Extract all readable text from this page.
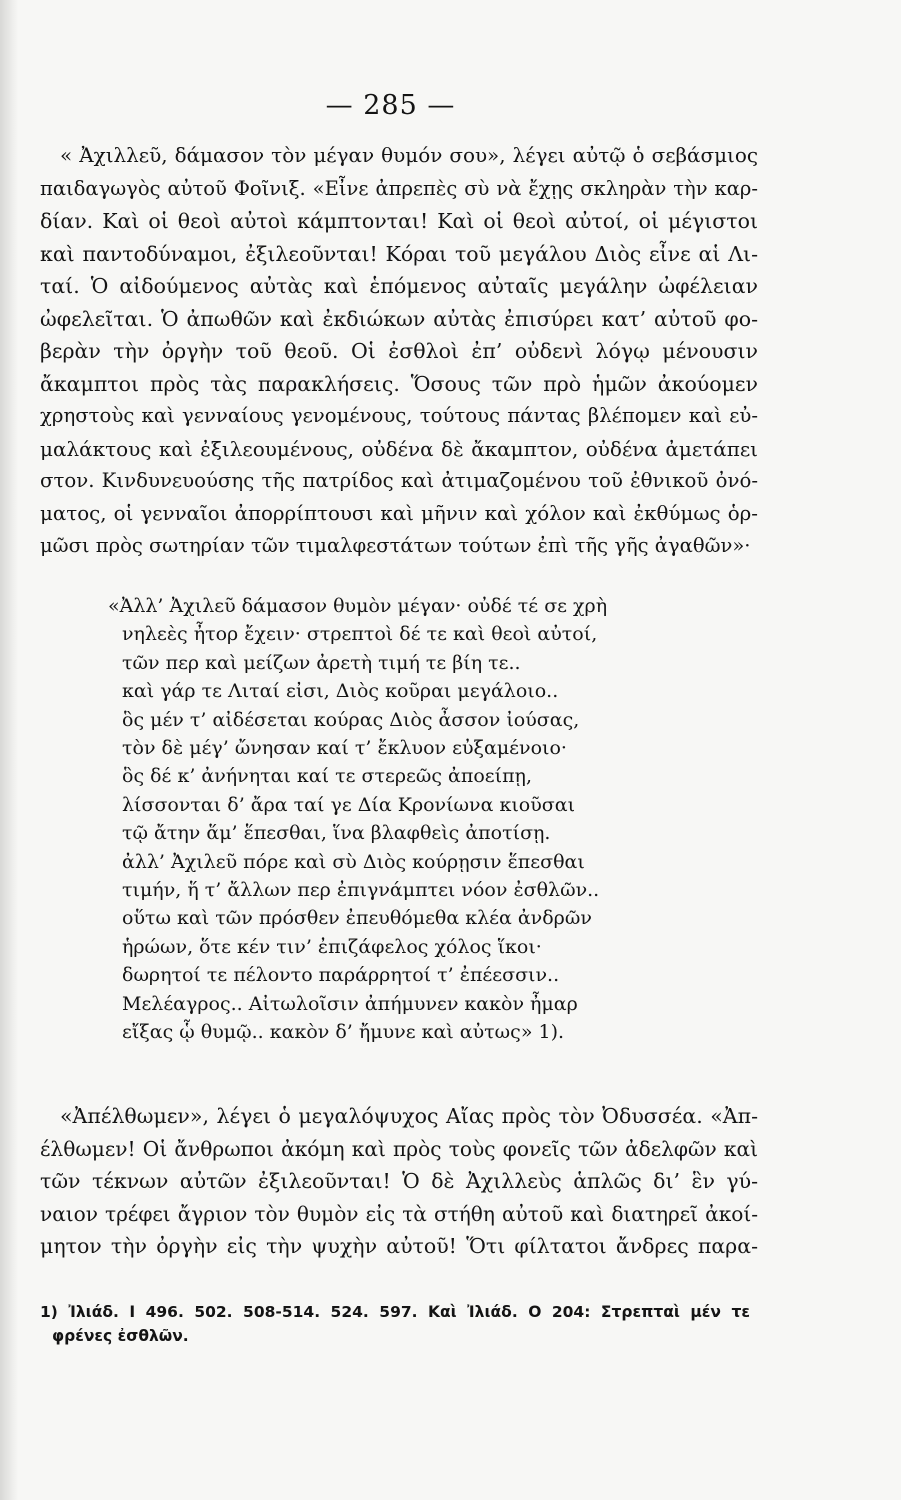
— 285 —
« Ἀχιλλεῦ, δάμασον τὸν μέγαν θυμόν σου», λέγει αὐτῷ ὁ σεβάσμιος
παιδαγωγὸς αὐτοῦ Φοῖνιξ. «Εἶνε ἀπρεπὲς σὺ νὰ ἔχῃς σκληρὰν τὴν καρ-
δίαν. Καὶ οἱ θεοὶ αὐτοὶ κάμπτονται! Καὶ οἱ θεοὶ αὐτοί, οἱ μέγιστοι
καὶ παντοδύναμοι, ἐξιλεοῦνται! Κόραι τοῦ μεγάλου Διὸς εἶνε αἱ Λι-
ταί. Ὁ αἰδούμενος αὐτὰς καὶ ἑπόμενος αὐταῖς μεγάλην ὠφέλειαν
ὠφελεῖται. Ὁ ἀπωθῶν καὶ ἐκδιώκων αὐτὰς ἐπισύρει κατ’ αὐτοῦ φο-
βερὰν τὴν ὀργὴν τοῦ θεοῦ. Οἱ ἐσθλοὶ ἐπ’ οὐδενὶ λόγῳ μένουσιν
ἄκαμπτοι πρὸς τὰς παρακλήσεις. Ὅσους τῶν πρὸ ἡμῶν ἀκούομεν
χρηστοὺς καὶ γενναίους γενομένους, τούτους πάντας βλέπομεν καὶ εὐ-
μαλάκτους καὶ ἐξιλεουμένους, οὐδένα δὲ ἄκαμπτον, οὐδένα ἀμετάπει
στον. Κινδυνευούσης τῆς πατρίδος καὶ ἀτιμαζομένου τοῦ ἐθνικοῦ ὀνό-
ματος, οἱ γενναῖοι ἀπορρίπτουσι καὶ μῆνιν καὶ χόλον καὶ ἐκθύμως ὁρ-
μῶσι πρὸς σωτηρίαν τῶν τιμαλφεστάτων τούτων ἐπὶ τῆς γῆς ἀγαθῶν»·
«Ἀλλ’ Ἀχιλεῦ δάμασον θυμὸν μέγαν· οὐδέ τέ σε χρὴ
νηλεὲς ἦτορ ἔχειν· στρεπτοὶ δέ τε καὶ θεοὶ αὐτοί,
τῶν περ καὶ μείζων ἀρετὴ τιμή τε βίη τε..
καὶ γάρ τε Λιταί εἰσι, Διὸς κοῦραι μεγάλοιο..
ὃς μέν τ’ αἰδέσεται κούρας Διὸς ἆσσον ἰούσας,
τὸν δὲ μέγ’ ὤνησαν καί τ’ ἔκλυον εὐξαμένοιο·
ὃς δέ κ’ ἀνήνηται καί τε στερεῶς ἀποείπῃ,
λίσσονται δ’ ἄρα ταί γε Δία Κρονίωνα κιοῦσαι
τῷ ἄτην ἅμ’ ἕπεσθαι, ἵνα βλαφθεὶς ἀποτίσῃ.
ἀλλ’ Ἀχιλεῦ πόρε καὶ σὺ Διὸς κούρῃσιν ἕπεσθαι
τιμήν, ἥ τ’ ἄλλων περ ἐπιγνάμπτει νόον ἐσθλῶν..
οὕτω καὶ τῶν πρόσθεν ἐπευθόμεθα κλέα ἀνδρῶν
ἡρώων, ὅτε κέν τιν’ ἐπιζάφελος χόλος ἵκοι·
δωρητοί τε πέλοντο παράρρητοί τ’ ἐπέεσσιν..
Μελέαγρος.. Αἰτωλοῖσιν ἀπήμυνεν κακὸν ἦμαρ
εἴξας ᾧ θυμῷ.. κακὸν δ’ ἤμυνε καὶ αὐτως» 1).
«Ἀπέλθωμεν», λέγει ὁ μεγαλόψυχος Αἴας πρὸς τὸν Ὀδυσσέα. «Ἀπ-
έλθωμεν! Οἱ ἄνθρωποι ἀκόμη καὶ πρὸς τοὺς φονεῖς τῶν ἀδελφῶν καὶ
τῶν τέκνων αὐτῶν ἐξιλεοῦνται! Ὁ δὲ Ἀχιλλεὺς ἁπλῶς δι’ ἓν γύ-
ναιον τρέφει ἄγριον τὸν θυμὸν εἰς τὰ στήθη αὐτοῦ καὶ διατηρεῖ ἀκοί-
μητον τὴν ὀργὴν εἰς τὴν ψυχὴν αὐτοῦ! Ὅτι φίλτατοι ἄνδρες παρα-
1) Ἰλιάδ. Ι 496. 502. 508-514. 524. 597. Καὶ Ἰλιάδ. Ο 204: Στρεπταὶ μέν τε
φρένες ἐσθλῶν.
